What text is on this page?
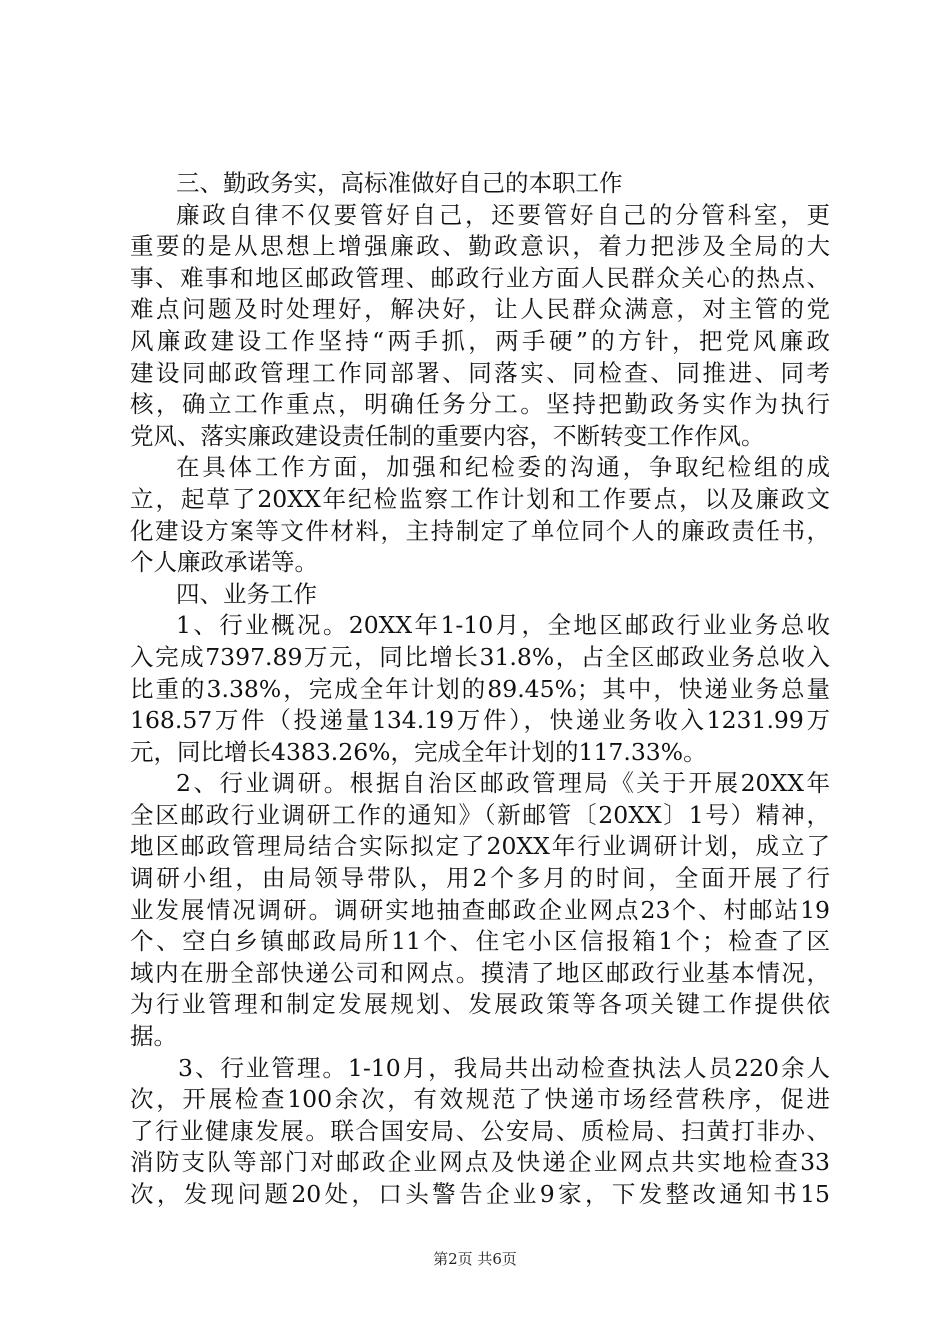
三、勤政务实，高标准做好自己的本职工作
廉政自律不仅要管好自己，还要管好自己的分管科室，更
重要的是从思想上增强廉政、勤政意识，着力把涉及全局的大
事、难事和地区邮政管理、邮政行业方面人民群众关心的热点、
难点问题及时处理好，解决好，让人民群众满意，对主管的党
风廉政建设工作坚持“两手抓，两手硬”的方针，把党风廉政
建设同邮政管理工作同部署、同落实、同检查、同推进、同考
核，确立工作重点，明确任务分工。坚持把勤政务实作为执行
党风、落实廉政建设责任制的重要内容，不断转变工作作风。
在具体工作方面，加强和纪检委的沟通，争取纪检组的成
立，起草了20XX年纪检监察工作计划和工作要点，以及廉政文
化建设方案等文件材料，主持制定了单位同个人的廉政责任书，
个人廉政承诺等。
四、业务工作
1、行业概况。20XX年1-10月，全地区邮政行业业务总收
入完成7397.89万元，同比增长31.8%，占全区邮政业务总收入
比重的3.38%，完成全年计划的89.45%；其中，快递业务总量
168.57万件（投递量134.19万件），快递业务收入1231.99万
元，同比增长4383.26%，完成全年计划的117.33%。
2、行业调研。根据自治区邮政管理局《关于开展20XX年
全区邮政行业调研工作的通知》（新邮管〔20XX〕1号）精神，
地区邮政管理局结合实际拟定了20XX年行业调研计划，成立了
调研小组，由局领导带队，用2个多月的时间，全面开展了行
业发展情况调研。调研实地抽查邮政企业网点23个、村邮站19
个、空白乡镇邮政局所11个、住宅小区信报箱1个；检查了区
域内在册全部快递公司和网点。摸清了地区邮政行业基本情况，
为行业管理和制定发展规划、发展政策等各项关键工作提供依
据。
3、行业管理。1-10月，我局共出动检查执法人员220余人
次，开展检查100余次，有效规范了快递市场经营秩序，促进
了行业健康发展。联合国安局、公安局、质检局、扫黄打非办、
消防支队等部门对邮政企业网点及快递企业网点共实地检查33
次，发现问题20处，口头警告企业9家，下发整改通知书15
第2页 共6页
